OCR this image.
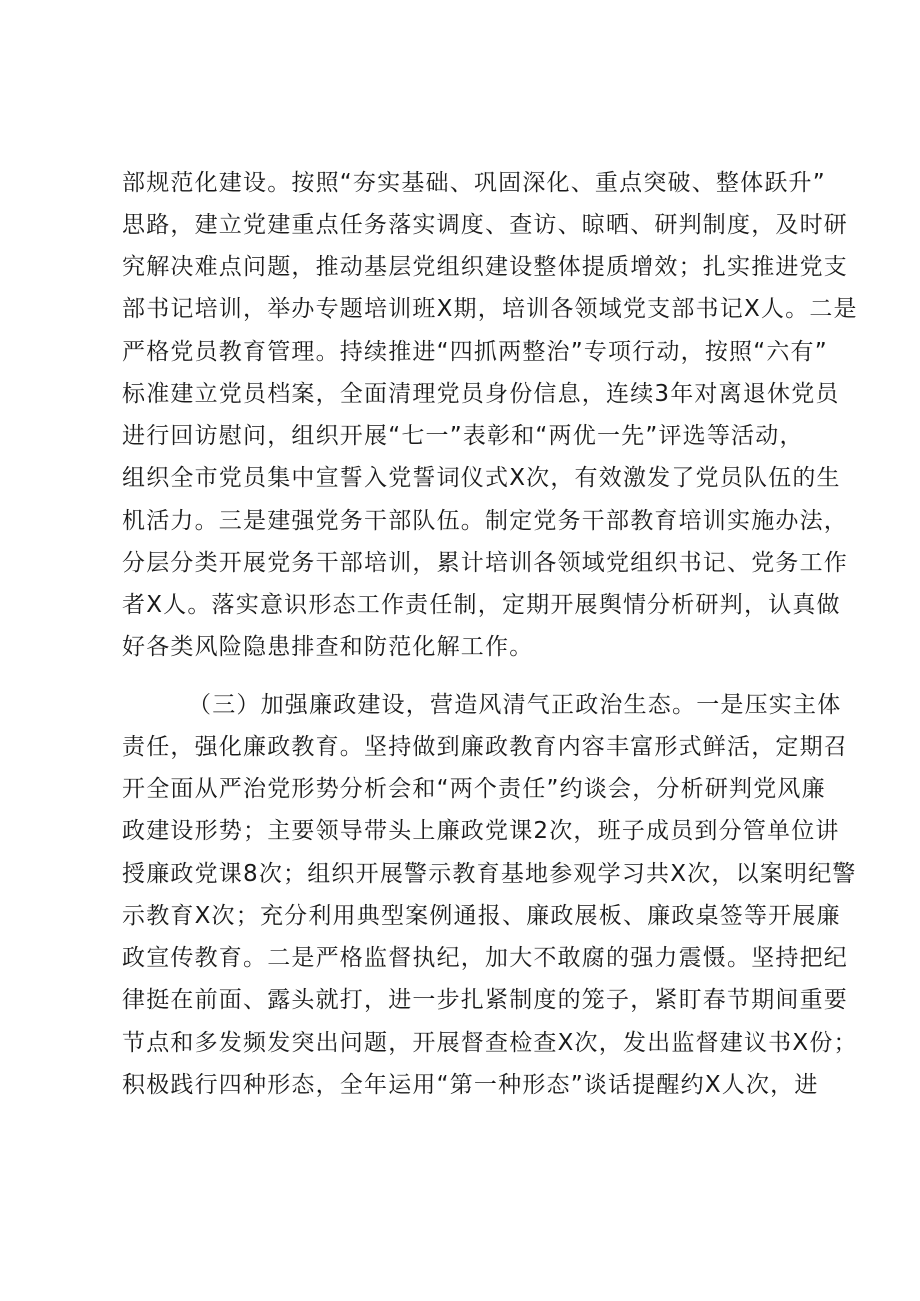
部规范化建设。按照“夯实基础、巩固深化、重点突破、整体跃升”
思路，建立党建重点任务落实调度、查访、晾晒、研判制度，及时研
究解决难点问题，推动基层党组织建设整体提质增效；扎实推进党支
部书记培训，举办专题培训班X期，培训各领域党支部书记X人。二是
严格党员教育管理。持续推进“四抓两整治”专项行动，按照“六有”
标准建立党员档案，全面清理党员身份信息，连续3年对离退休党员
进行回访慰问，组织开展“七一”表彰和“两优一先”评选等活动，
组织全市党员集中宣誓入党誓词仪式X次，有效激发了党员队伍的生
机活力。三是建强党务干部队伍。制定党务干部教育培训实施办法，
分层分类开展党务干部培训，累计培训各领域党组织书记、党务工作
者X人。落实意识形态工作责任制，定期开展舆情分析研判，认真做
好各类风险隐患排查和防范化解工作。
（三）加强廉政建设，营造风清气正政治生态。一是压实主体
责任，强化廉政教育。坚持做到廉政教育内容丰富形式鲜活，定期召
开全面从严治党形势分析会和“两个责任”约谈会，分析研判党风廉
政建设形势；主要领导带头上廉政党课2次，班子成员到分管单位讲
授廉政党课8次；组织开展警示教育基地参观学习共X次，以案明纪警
示教育X次；充分利用典型案例通报、廉政展板、廉政桌签等开展廉
政宣传教育。二是严格监督执纪，加大不敢腐的强力震慑。坚持把纪
律挺在前面、露头就打，进一步扎紧制度的笼子，紧盯春节期间重要
节点和多发频发突出问题，开展督查检查X次，发出监督建议书X份；
积极践行四种形态，全年运用“第一种形态”谈话提醒约X人次，进
